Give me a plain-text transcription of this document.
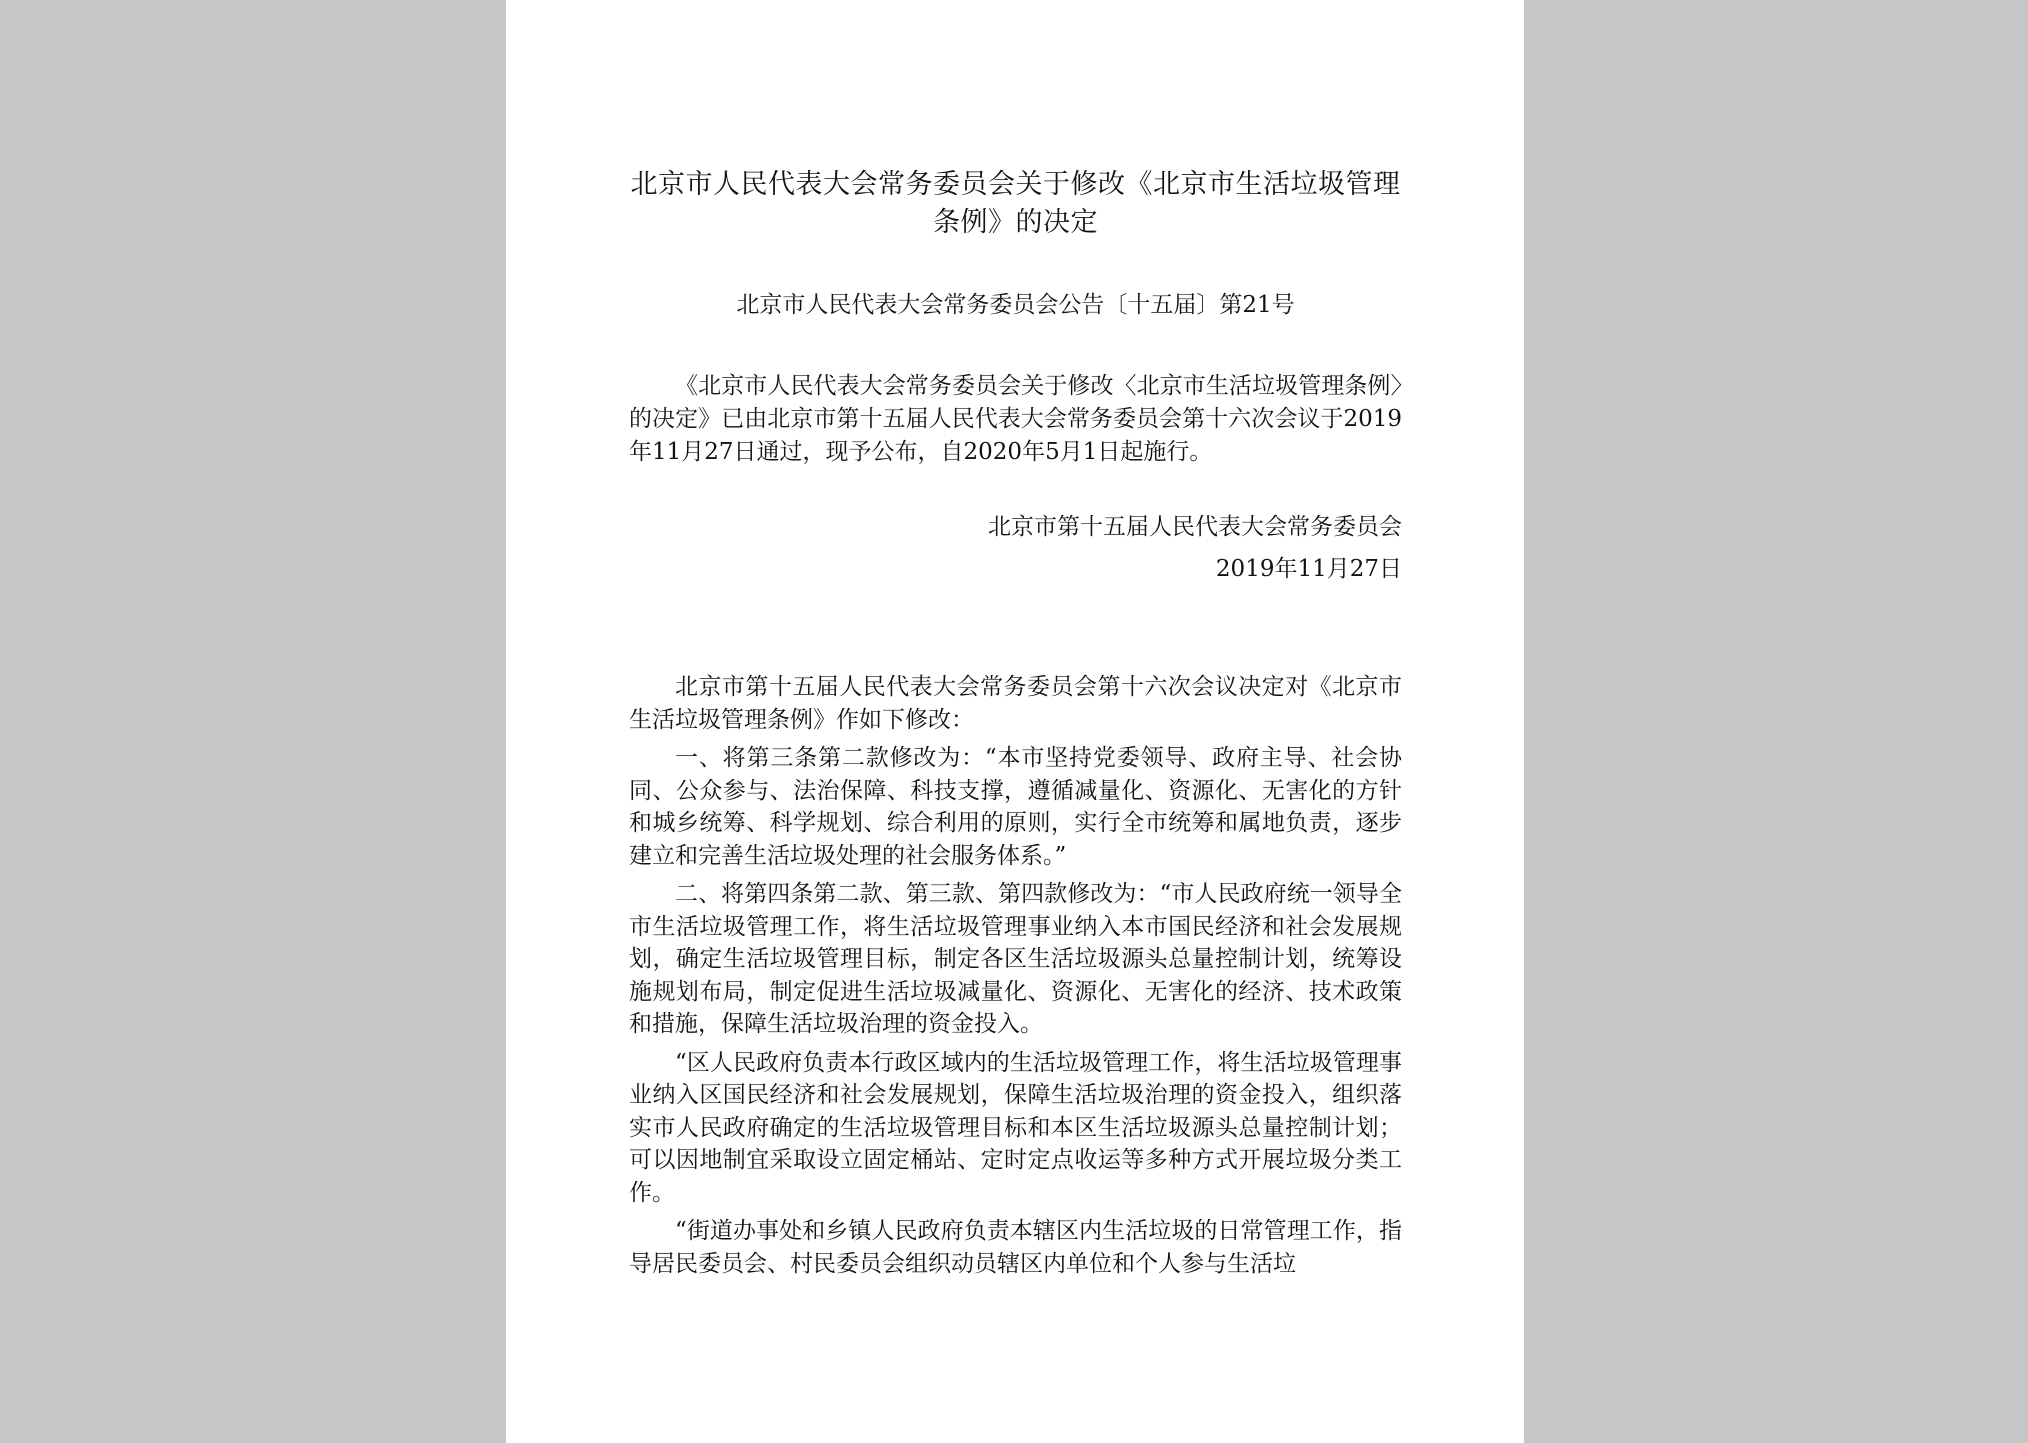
北京市人民代表大会常务委员会关于修改《北京市生活垃圾管理条例》的决定
北京市人民代表大会常务委员会公告〔十五届〕第21号
《北京市人民代表大会常务委员会关于修改〈北京市生活垃圾管理条例〉的决定》已由北京市第十五届人民代表大会常务委员会第十六次会议于2019年11月27日通过，现予公布，自2020年5月1日起施行。
北京市第十五届人民代表大会常务委员会
2019年11月27日

北京市第十五届人民代表大会常务委员会第十六次会议决定对《北京市生活垃圾管理条例》作如下修改：

一、将第三条第二款修改为：“本市坚持党委领导、政府主导、社会协同、公众参与、法治保障、科技支撑，遵循减量化、资源化、无害化的方针和城乡统筹、科学规划、综合利用的原则，实行全市统筹和属地负责，逐步建立和完善生活垃圾处理的社会服务体系。”

二、将第四条第二款、第三款、第四款修改为：“市人民政府统一领导全市生活垃圾管理工作，将生活垃圾管理事业纳入本市国民经济和社会发展规划，确定生活垃圾管理目标，制定各区生活垃圾源头总量控制计划，统筹设施规划布局，制定促进生活垃圾减量化、资源化、无害化的经济、技术政策和措施，保障生活垃圾治理的资金投入。

“区人民政府负责本行政区域内的生活垃圾管理工作，将生活垃圾管理事业纳入区国民经济和社会发展规划，保障生活垃圾治理的资金投入，组织落实市人民政府确定的生活垃圾管理目标和本区生活垃圾源头总量控制计划；可以因地制宜采取设立固定桶站、定时定点收运等多种方式开展垃圾分类工作。

“街道办事处和乡镇人民政府负责本辖区内生活垃圾的日常管理工作，指导居民委员会、村民委员会组织动员辖区内单位和个人参与生活垃
